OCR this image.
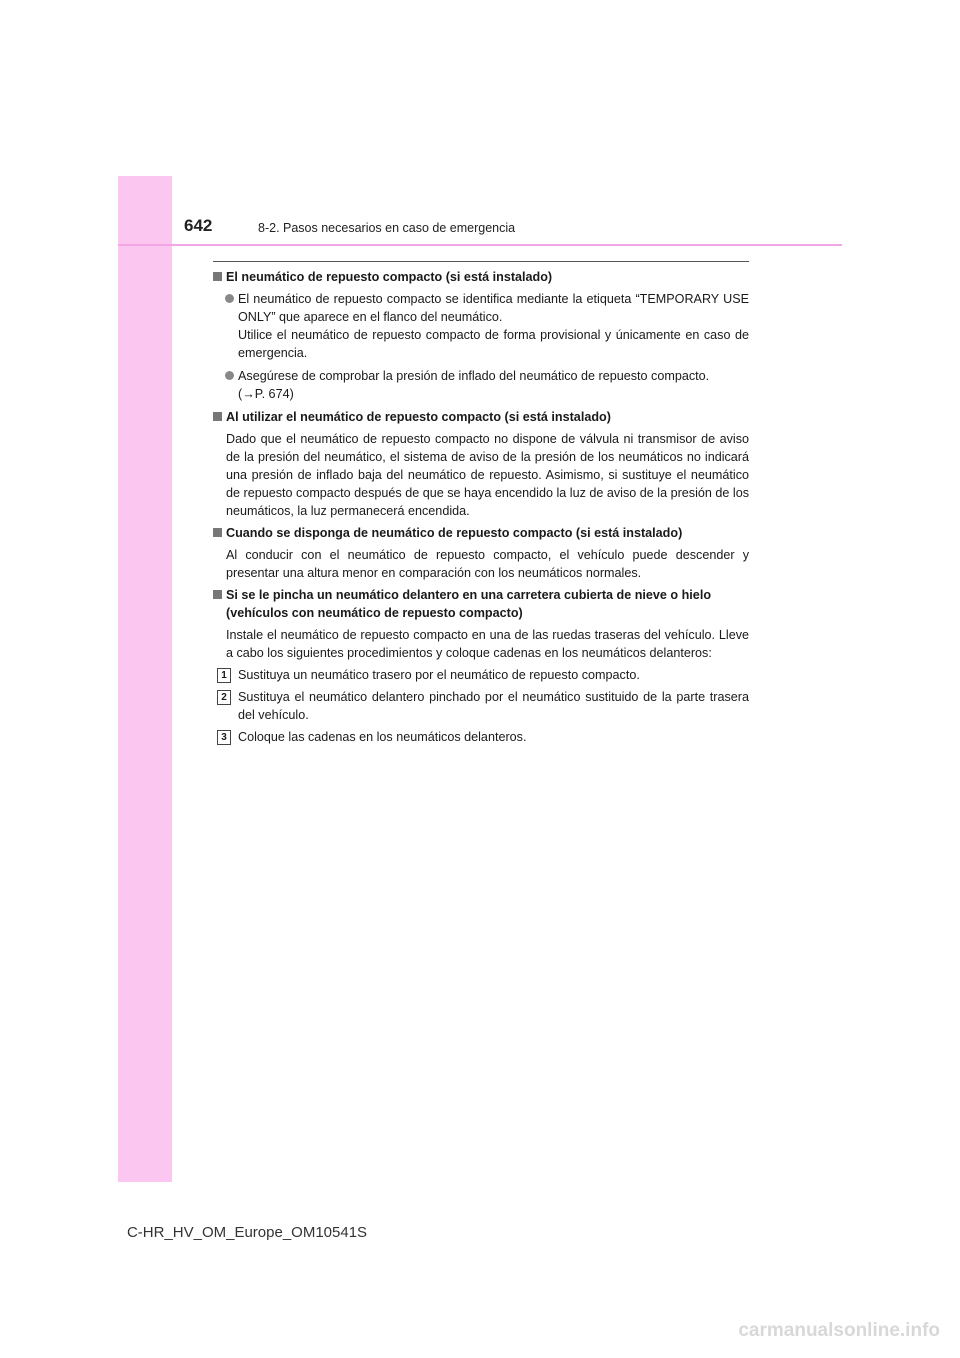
642	8-2. Pasos necesarios en caso de emergencia
El neumático de repuesto compacto (si está instalado)
El neumático de repuesto compacto se identifica mediante la etiqueta “TEMPORARY USE ONLY” que aparece en el flanco del neumático.
Utilice el neumático de repuesto compacto de forma provisional y únicamente en caso de emergencia.
Asegúrese de comprobar la presión de inflado del neumático de repuesto compacto.
(→P. 674)
Al utilizar el neumático de repuesto compacto (si está instalado)

Dado que el neumático de repuesto compacto no dispone de válvula ni transmisor de aviso de la presión del neumático, el sistema de aviso de la presión de los neumáticos no indicará una presión de inflado baja del neumático de repuesto. Asimismo, si sustituye el neumático de repuesto compacto después de que se haya encendido la luz de aviso de la presión de los neumáticos, la luz permanecerá encendida.

Cuando se disponga de neumático de repuesto compacto (si está instalado)

Al conducir con el neumático de repuesto compacto, el vehículo puede descender y presentar una altura menor en comparación con los neumáticos normales.

Si se le pincha un neumático delantero en una carretera cubierta de nieve o hielo (vehículos con neumático de repuesto compacto)

Instale el neumático de repuesto compacto en una de las ruedas traseras del vehículo. Lleve a cabo los siguientes procedimientos y coloque cadenas en los neumáticos delanteros:

1 Sustituya un neumático trasero por el neumático de repuesto compacto.
2 Sustituya el neumático delantero pinchado por el neumático sustituido de la parte trasera del vehículo.
3 Coloque las cadenas en los neumáticos delanteros.
C-HR_HV_OM_Europe_OM10541S
carmanualsonline.info
